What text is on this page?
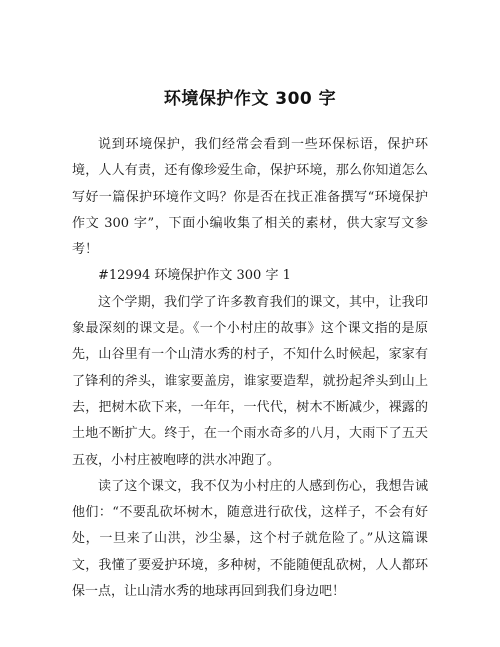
环境保护作文 300 字

说到环境保护，我们经常会看到一些环保标语，保护环境，人人有责，还有像珍爱生命，保护环境，那么你知道怎么写好一篇保护环境作文吗？你是否在找正准备撰写“环境保护作文 300 字”，下面小编收集了相关的素材，供大家写文参考！

#12994 环境保护作文 300 字 1

这个学期，我们学了许多教育我们的课文，其中，让我印象最深刻的课文是。《一个小村庄的故事》这个课文指的是原先，山谷里有一个山清水秀的村子，不知什么时候起，家家有了锋利的斧头，谁家要盖房，谁家要造犁，就扮起斧头到山上去，把树木砍下来，一年年，一代代，树木不断减少，裸露的土地不断扩大。终于，在一个雨水奇多的八月，大雨下了五天五夜，小村庄被咆哮的洪水冲跑了。

读了这个课文，我不仅为小村庄的人感到伤心，我想告诫他们：“不要乱砍坏树木，随意进行砍伐，这样子，不会有好处，一旦来了山洪，沙尘暴，这个村子就危险了。”从这篇课文，我懂了要爱护环境，多种树，不能随便乱砍树，人人都环保一点，让山清水秀的地球再回到我们身边吧！
